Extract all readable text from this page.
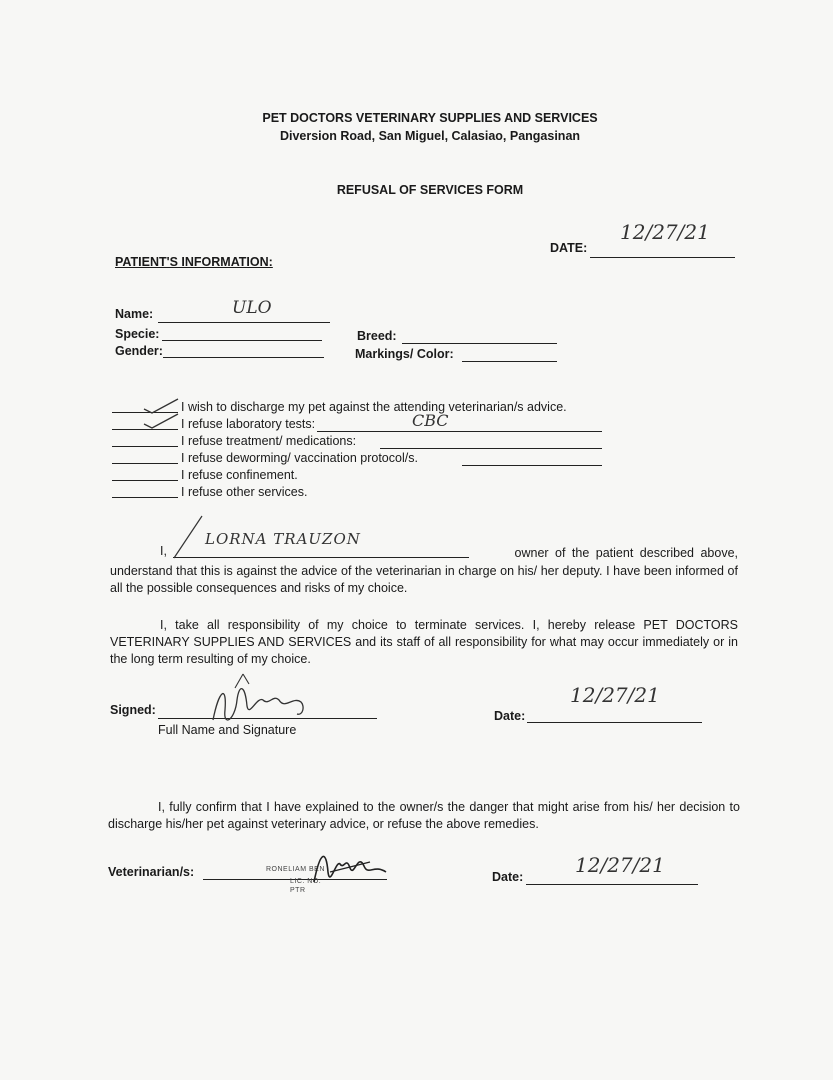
PET DOCTORS VETERINARY SUPPLIES AND SERVICES
Diversion Road, San Miguel, Calasiao, Pangasinan
REFUSAL OF SERVICES FORM
DATE:
12/27/21
PATIENT'S INFORMATION:
Name:	ULO
Specie:	Breed:
Gender:	Markings/ Color:
I wish to discharge my pet against the attending veterinarian/s advice.
I refuse laboratory tests:	CBC
I refuse treatment/ medications:
I refuse deworming/ vaccination protocol/s.
I refuse confinement.
I refuse other services.
I,
LORNA TRAUZON
owner of the patient described above,
understand that this is against the advice of the veterinarian in charge on his/ her deputy. I have been informed of all the possible consequences and risks of my choice.
I, take all responsibility of my choice to terminate services. I, hereby release PET DOCTORS VETERINARY SUPPLIES AND SERVICES and its staff of all responsibility for what may occur immediately or in the long term resulting of my choice.
Signed:
Full Name and Signature
Date:
12/27/21
I, fully confirm that I have explained to the owner/s the danger that might arise from his/ her decision to discharge his/her pet against veterinary advice, or refuse the above remedies.
Veterinarian/s:	RONELIAM BEN
LIC. NO.
PTR
Date:	12/27/21
